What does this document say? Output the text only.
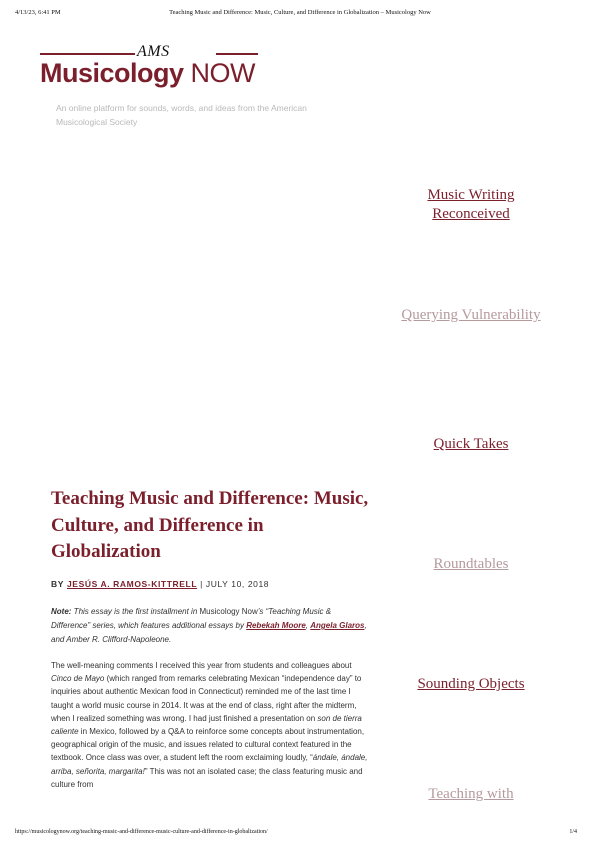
4/13/23, 6:41 PM	Teaching Music and Difference: Music, Culture, and Difference in Globalization – Musicology Now
AMS
Musicology NOW
An online platform for sounds, words, and ideas from the American Musicological Society
Music Writing Reconceived
Querying Vulnerability
Quick Takes
Roundtables
Sounding Objects
Teaching with
Teaching Music and Difference: Music, Culture, and Difference in Globalization
BY JESÚS A. RAMOS-KITTRELL | JULY 10, 2018

Note: This essay is the first installment in Musicology Now’s “Teaching Music & Difference” series, which features additional essays by Rebekah Moore, Angela Glaros, and Amber R. Clifford-Napoleone.

The well-meaning comments I received this year from students and colleagues about Cinco de Mayo (which ranged from remarks celebrating Mexican “independence day” to inquiries about authentic Mexican food in Connecticut) reminded me of the last time I taught a world music course in 2014. It was at the end of class, right after the midterm, when I realized something was wrong. I had just finished a presentation on son de tierra caliente in Mexico, followed by a Q&A to reinforce some concepts about instrumentation, geographical origin of the music, and issues related to cultural context featured in the textbook. Once class was over, a student left the room exclaiming loudly, “ándale, ándale, arriba, señorita, margarita!” This was not an isolated case; the class featuring music and culture from

https://musicologynow.org/teaching-music-and-difference-music-culture-and-difference-in-globalization/	1/4
